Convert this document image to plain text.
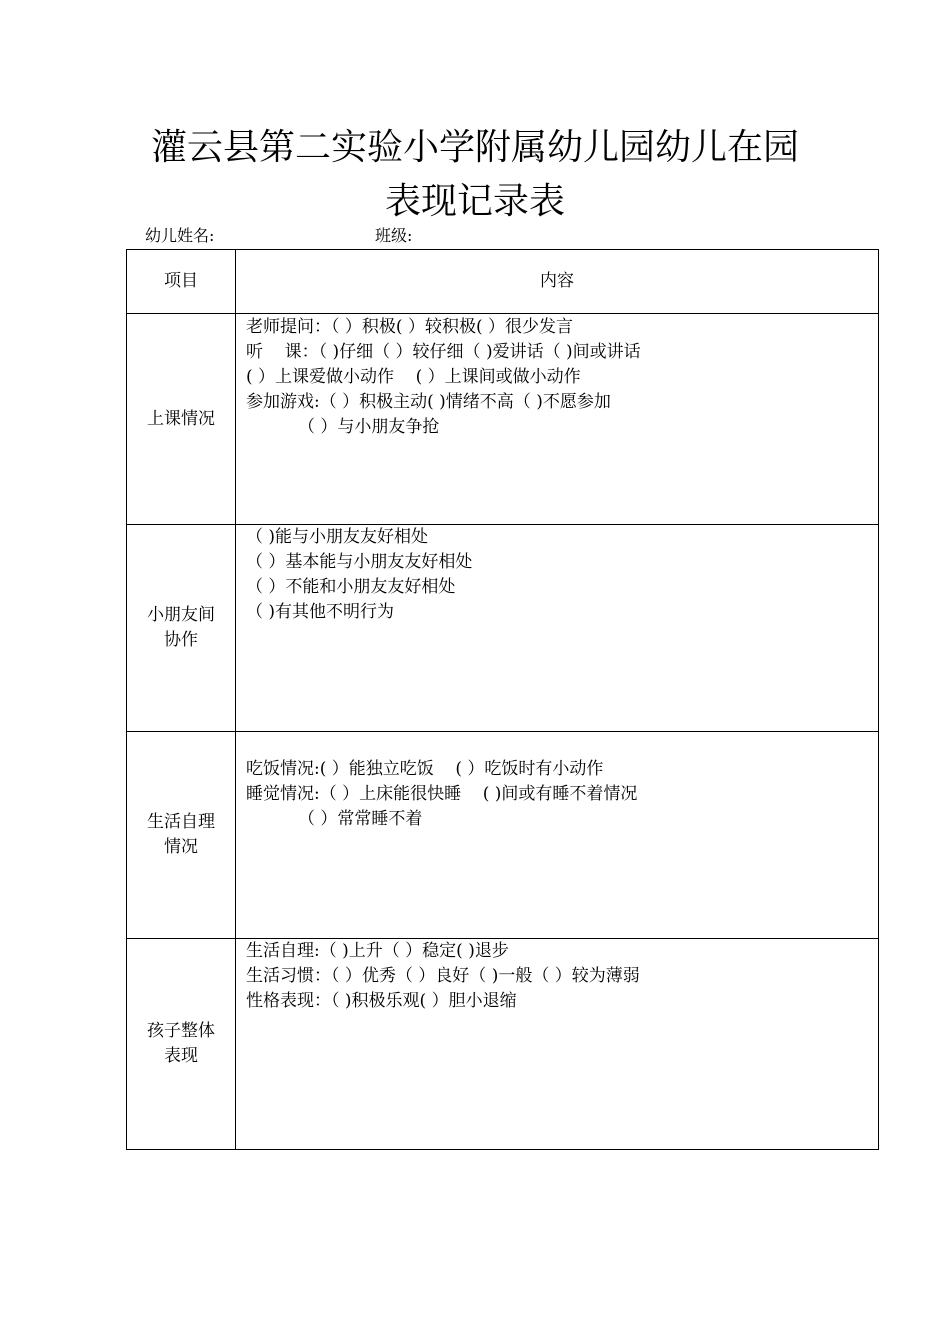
灌云县第二实验小学附属幼儿园幼儿在园
表现记录表
幼儿姓名:	班级:
项目	内容

上课情况	老师提问：（ ）积极( ）较积极( ）很少发言
听    课：（ )仔细（ ）较仔细（ )爱讲话（ )间或讲话
( ）上课爱做小动作    ( ）上课间或做小动作
参加游戏:（ ）积极主动( )情绪不高（ )不愿参加
（ ）与小朋友争抢

小朋友间
协作	（ )能与小朋友友好相处
（ ）基本能与小朋友友好相处
（ ）不能和小朋友友好相处
（ )有其他不明行为

生活自理
情况	吃饭情况:( ）能独立吃饭    ( ）吃饭时有小动作
睡觉情况:（ ）上床能很快睡    ( )间或有睡不着情况
（ ）常常睡不着

孩子整体
表现	生活自理:（ )上升（ ）稳定( )退步
生活习惯：（ ）优秀（ ）良好（ )一般（ ）较为薄弱
性格表现：（ )积极乐观( ）胆小退缩
